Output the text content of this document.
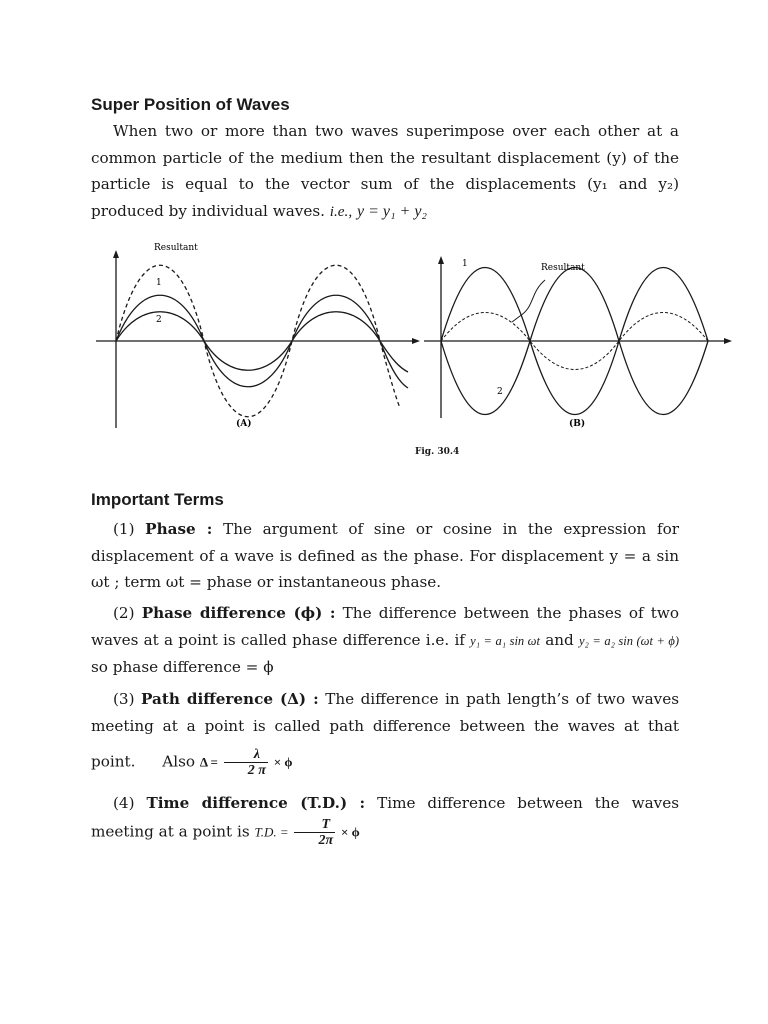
Super Position of Waves

When two or more than two waves superimpose over each other at a common particle of the medium then the resultant displacement (y) of the particle is equal to the vector sum of the displacements (y₁ and y₂) produced by individual waves. i.e., y = y₁ + y₂

Resultant
1
2
(A)
Resultant
1
2
(B)
Fig. 30.4
Important Terms

(1) Phase : The argument of sine or cosine in the expression for displacement of a wave is defined as the phase. For displacement y = a sin ωt ; term ωt = phase or instantaneous phase.

(2) Phase difference (ϕ) : The difference between the phases of two waves at a point is called phase difference i.e. if y₁ = a₁ sin ωt and y₂ = a₂ sin (ωt + ϕ) so phase difference = ϕ

(3) Path difference (Δ) : The difference in path length’s of two waves meeting at a point is called path difference between the waves at that point. Also $\Delta = \frac{\lambda}{2 \pi} \times \phi$

(4) Time difference (T.D.) : Time difference between the waves meeting at a point is T.D. = $\frac{T}{2\pi} \times \phi$
